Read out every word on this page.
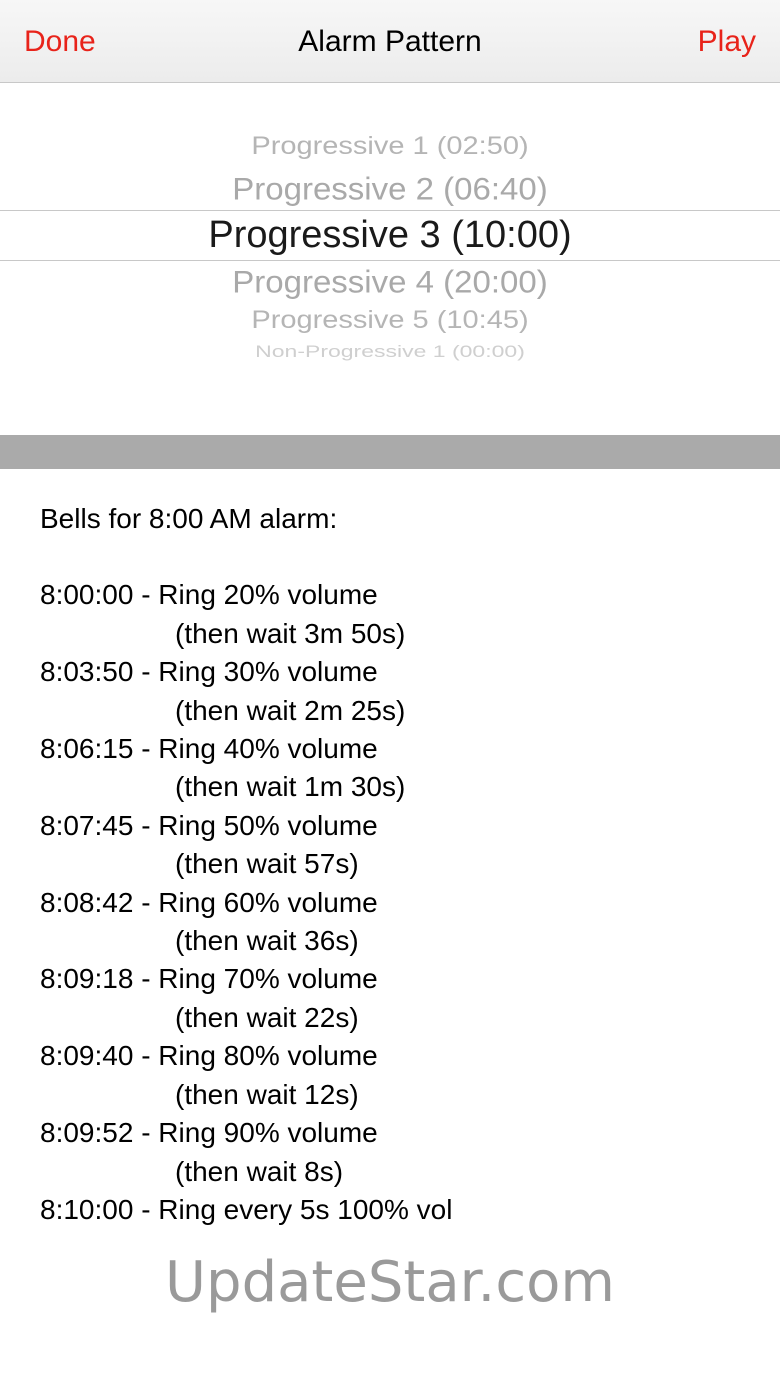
Done	Alarm Pattern	Play
Progressive 1 (02:50)
Progressive 2 (06:40)
Progressive 3 (10:00)
Progressive 4 (20:00)
Progressive 5 (10:45)
Non-Progressive 1 (00:00)
Bells for 8:00 AM alarm:
8:00:00 - Ring 20% volume
(then wait 3m 50s)
8:03:50 - Ring 30% volume
(then wait 2m 25s)
8:06:15 - Ring 40% volume
(then wait 1m 30s)
8:07:45 - Ring 50% volume
(then wait 57s)
8:08:42 - Ring 60% volume
(then wait 36s)
8:09:18 - Ring 70% volume
(then wait 22s)
8:09:40 - Ring 80% volume
(then wait 12s)
8:09:52 - Ring 90% volume
(then wait 8s)
8:10:00 - Ring every 5s 100% vol
UpdateStar.com
